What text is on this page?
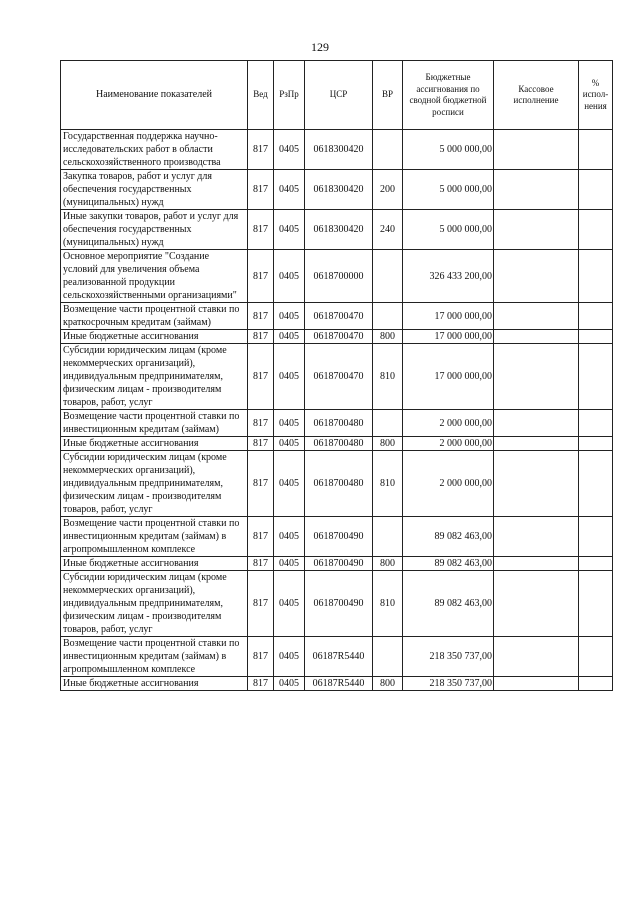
129
Наименование показателей	Вед	РзПр	ЦСР	ВР	Бюджетные ассигнования по сводной бюджетной росписи	Кассовое исполнение	% испол-нения
Государственная поддержка научно-исследовательских работ в области сельскохозяйственного производства	817	0405	0618300420		5 000 000,00		
Закупка товаров, работ и услуг для обеспечения государственных (муниципальных) нужд	817	0405	0618300420	200	5 000 000,00		
Иные закупки товаров, работ и услуг для обеспечения государственных (муниципальных) нужд	817	0405	0618300420	240	5 000 000,00		
Основное мероприятие "Создание условий для увеличения объема реализованной продукции сельскохозяйственными организациями"	817	0405	0618700000		326 433 200,00		
Возмещение части процентной ставки по краткосрочным кредитам (займам)	817	0405	0618700470		17 000 000,00		
Иные бюджетные ассигнования	817	0405	0618700470	800	17 000 000,00		
Субсидии юридическим лицам (кроме некоммерческих организаций), индивидуальным предпринимателям, физическим лицам - производителям товаров, работ, услуг	817	0405	0618700470	810	17 000 000,00		
Возмещение части процентной ставки по инвестиционным кредитам (займам)	817	0405	0618700480		2 000 000,00		
Иные бюджетные ассигнования	817	0405	0618700480	800	2 000 000,00		
Субсидии юридическим лицам (кроме некоммерческих организаций), индивидуальным предпринимателям, физическим лицам - производителям товаров, работ, услуг	817	0405	0618700480	810	2 000 000,00		
Возмещение части процентной ставки по инвестиционным кредитам (займам) в агропромышленном комплексе	817	0405	0618700490		89 082 463,00		
Иные бюджетные ассигнования	817	0405	0618700490	800	89 082 463,00		
Субсидии юридическим лицам (кроме некоммерческих организаций), индивидуальным предпринимателям, физическим лицам - производителям товаров, работ, услуг	817	0405	0618700490	810	89 082 463,00		
Возмещение части процентной ставки по инвестиционным кредитам (займам) в агропромышленном комплексе	817	0405	06187R5440		218 350 737,00		
Иные бюджетные ассигнования	817	0405	06187R5440	800	218 350 737,00		
